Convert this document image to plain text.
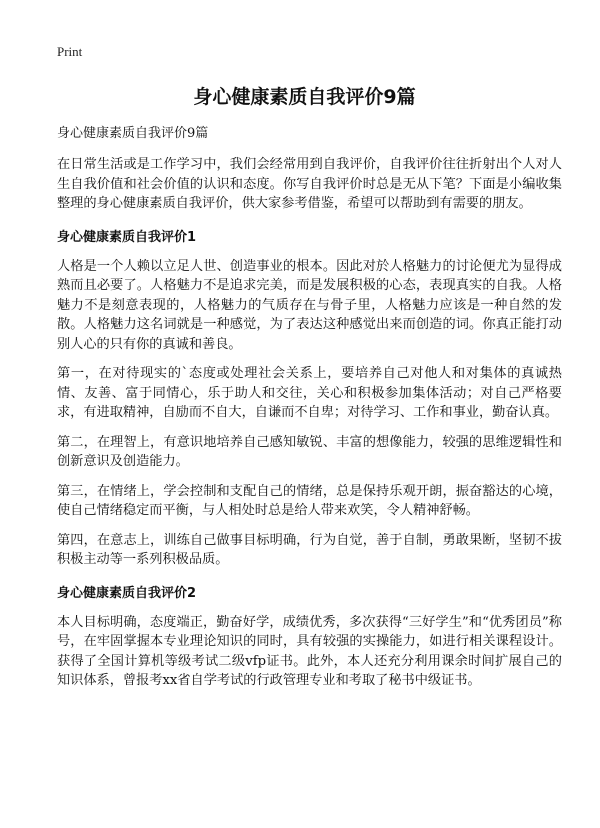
Print
身心健康素质自我评价9篇
身心健康素质自我评价9篇

在日常生活或是工作学习中，我们会经常用到自我评价，自我评价往往折射出个人对人生自我价值和社会价值的认识和态度。你写自我评价时总是无从下笔？下面是小编收集整理的身心健康素质自我评价，供大家参考借鉴，希望可以帮助到有需要的朋友。

身心健康素质自我评价1

人格是一个人赖以立足人世、创造事业的根本。因此对於人格魅力的讨论便尤为显得成熟而且必要了。人格魅力不是追求完美，而是发展积极的心态，表现真实的自我。人格魅力不是刻意表现的，人格魅力的气质存在与骨子里，人格魅力应该是一种自然的发散。人格魅力这名词就是一种感觉，为了表达这种感觉出来而创造的词。你真正能打动别人心的只有你的真诚和善良。

第一，在对待现实的`态度或处理社会关系上，要培养自己对他人和对集体的真诚热情、友善、富于同情心，乐于助人和交往，关心和积极参加集体活动；对自己严格要求，有进取精神，自励而不自大，自谦而不自卑；对待学习、工作和事业，勤奋认真。

第二，在理智上，有意识地培养自己感知敏锐、丰富的想像能力，较强的思维逻辑性和创新意识及创造能力。

第三，在情绪上，学会控制和支配自己的情绪，总是保持乐观开朗，振奋豁达的心境，使自己情绪稳定而平衡，与人相处时总是给人带来欢笑，令人精神舒畅。

第四，在意志上，训练自己做事目标明确，行为自觉，善于自制，勇敢果断，坚韧不拔积极主动等一系列积极品质。

身心健康素质自我评价2

本人目标明确，态度端正，勤奋好学，成绩优秀，多次获得“三好学生”和“优秀团员”称号，在牢固掌握本专业理论知识的同时，具有较强的实操能力，如进行相关课程设计。获得了全国计算机等级考试二级vfp证书。此外，本人还充分利用课余时间扩展自己的知识体系，曾报考xx省自学考试的行政管理专业和考取了秘书中级证书。
